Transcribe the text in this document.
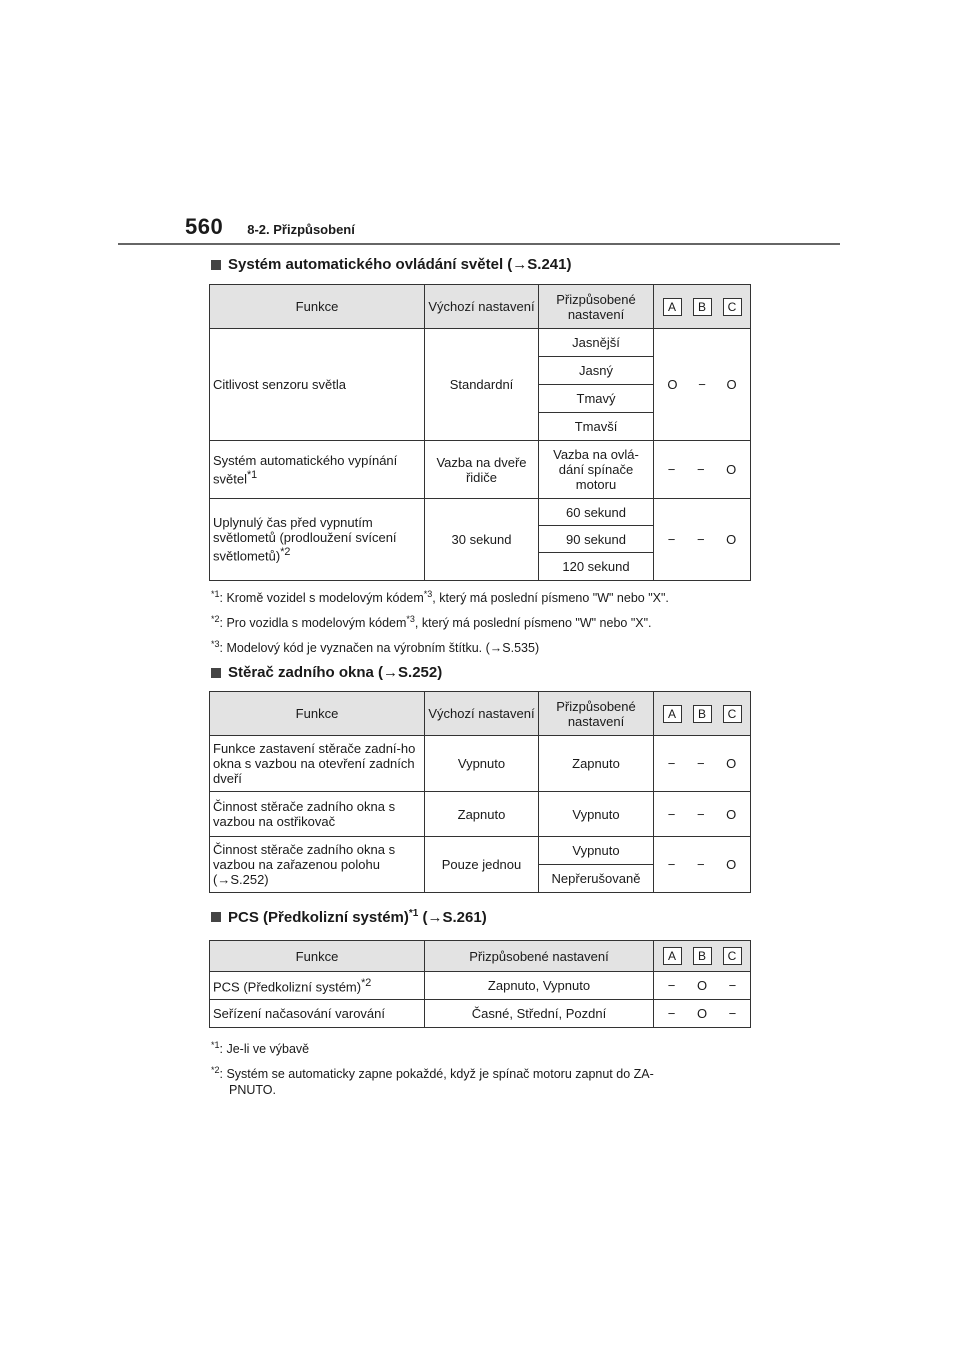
560 8-2. Přizpůsobení
Systém automatického ovládání světel (→S.241)
Funkce	Výchozí nastavení	Přizpůsobené nastavení	A B C

Citlivost senzoru světla	Standardní	Jasnější	O − O

		Jasný	
		Tmavý	
		Tmavší	
Systém automatického vypínání světel$^{*1}$	Vazba na dveře řidiče	Vazba na ovlá-dání spínače motoru	− − O

Uplynulý čas před vypnutím světlometů (prodloužení svícení světlometů)$^{*2}$	30 sekund	60 sekund	− − O

		90 sekund	
		120 sekund	
$^{*1}$: Kromě vozidel s modelovým kódem$^{*3}$, který má poslední písmeno "W" nebo "X".
$^{*2}$: Pro vozidla s modelovým kódem$^{*3}$, který má poslední písmeno "W" nebo "X".
$^{*3}$: Modelový kód je vyznačen na výrobním štítku. (→S.535)
Stěrač zadního okna (→S.252)
Funkce	Výchozí nastavení	Přizpůsobené nastavení	A B C

Funkce zastavení stěrače zadní-ho okna s vazbou na otevření zadních dveří	Vypnuto	Zapnuto	− − O

Činnost stěrače zadního okna s vazbou na ostřikovač	Zapnuto	Vypnuto	− − O

Činnost stěrače zadního okna s vazbou na zařazenou polohu (→S.252)	Pouze jednou	Vypnuto	− − O

		Nepřerušovaně	
PCS (Předkolizní systém)$^{*1}$ (→S.261)
Funkce	Přizpůsobené nastavení	A B C

PCS (Předkolizní systém)$^{*2}$	Zapnuto, Vypnuto	− O −

Seřízení načasování varování	Časné, Střední, Pozdní	− O −
$^{*1}$: Je-li ve výbavě
$^{*2}$: Systém se automaticky zapne pokaždé, když je spínač motoru zapnut do ZA-
PNUTO.
